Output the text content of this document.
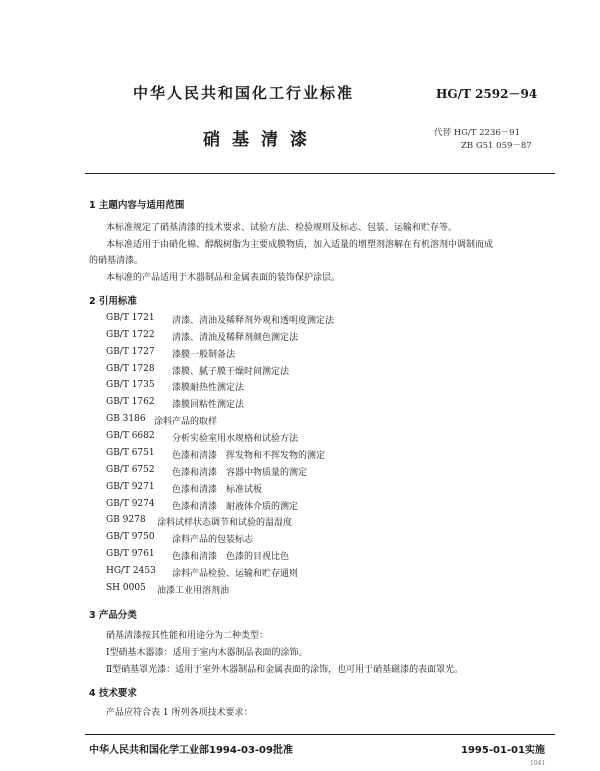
中华人民共和国化工行业标准	HG/T 2592－94
硝基清漆	代替 HG/T 2236－91
ZB G51 059－87
1 主题内容与适用范围
本标准规定了硝基清漆的技术要求、试验方法、检验规则及标志、包装、运输和贮存等。
本标准适用于由硝化棉、醇酸树脂为主要成膜物质，加入适量的增塑剂溶解在有机溶剂中调制而成
的硝基清漆。
本标准的产品适用于木器制品和金属表面的装饰保护涂层。
2 引用标准
GB/T 1721 清漆、清油及稀释剂外观和透明度测定法
GB/T 1722 清漆、清油及稀释剂颜色测定法
GB/T 1727 漆膜一般制备法
GB/T 1728 漆膜、腻子膜干燥时间测定法
GB/T 1735 漆膜耐热性测定法
GB/T 1762 漆膜回粘性测定法
GB 3186 涂料产品的取样
GB/T 6682 分析实验室用水规格和试验方法
GB/T 6751 色漆和清漆　挥发物和不挥发物的测定
GB/T 6752 色漆和清漆　容器中物质量的测定
GB/T 9271 色漆和清漆　标准试板
GB/T 9274 色漆和清漆　耐液体介质的测定
GB 9278 涂料试样状态调节和试验的温湿度
GB/T 9750 涂料产品的包装标志
GB/T 9761 色漆和清漆　色漆的目视比色
HG/T 2453 涂料产品检验、运输和贮存通则
SH 0005 油漆工业用溶剂油
3 产品分类
硝基清漆按其性能和用途分为二种类型：
Ⅰ型硝基木器漆：适用于室内木器制品表面的涂饰。
Ⅱ型硝基罩光漆：适用于室外木器制品和金属表面的涂饰，也可用于硝基磁漆的表面罩光。
4 技术要求
产品应符合表 1 所列各项技术要求：
中华人民共和国化学工业部1994-03-09批准	1995-01-01实施
1041
